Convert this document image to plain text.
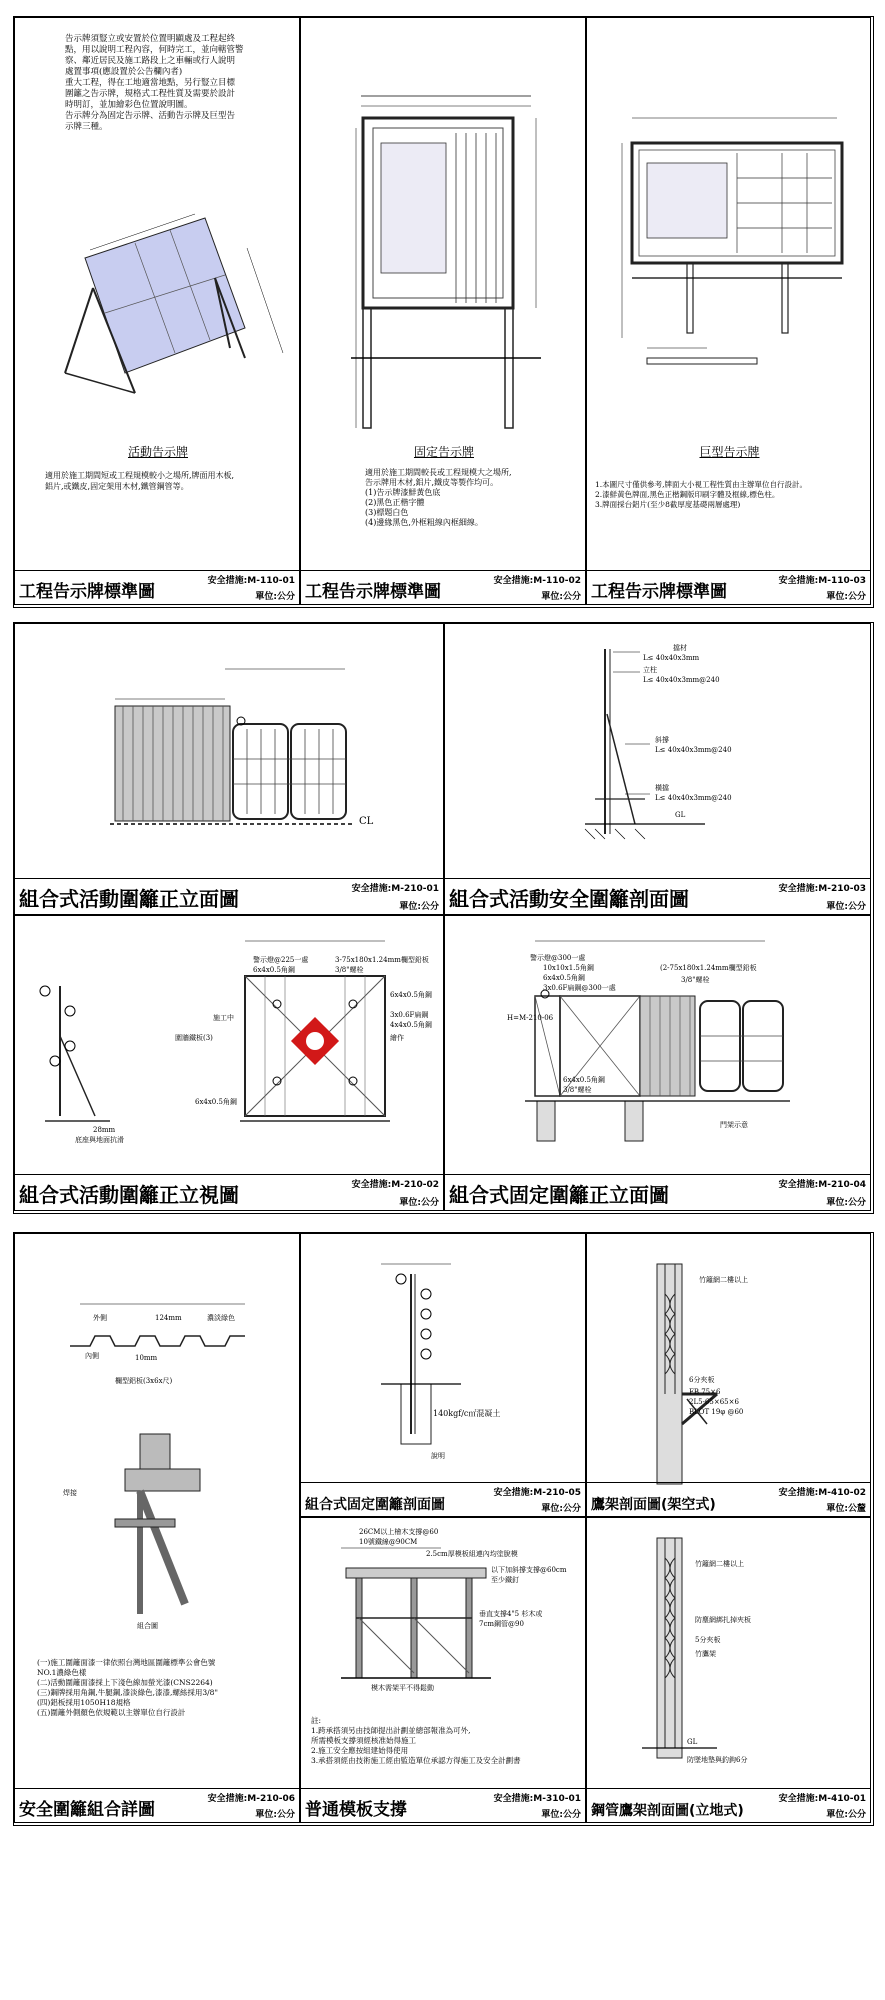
告示牌須豎立或安置於位置明顯處及工程起終
點，用以說明工程內容，何時完工，並向轄管警
察、鄰近居民及施工路段上之車輛或行人說明
處置事項(應設置於公告欄內者)
重大工程，得在工地適當地點，另行豎立目標
圍籬之告示牌，規格式工程性質及需要於設計
時明訂，並加繪彩色位置說明圖。
告示牌分為固定告示牌、活動告示牌及巨型告
示牌三種。
活動告示牌
適用於施工期間短或工程規模較小之場所,牌面用木板,
鋁片,或鐵皮,固定架用木材,鐵管鋼管等。
工程告示牌標準圖
安全措施:M-110-01
單位:公分
固定告示牌
適用於施工期間較長或工程規模大之場所,
告示牌用木材,鋁片,鐵皮等製作均可。
(1)告示牌漆鮮黃色底
(2)黑色正楷字體
(3)標題白色
(4)邊緣黑色,外框粗線內框細線。
工程告示牌標準圖
安全措施:M-110-02
單位:公分
巨型告示牌
1.本圖尺寸僅供參考,牌面大小視工程性質由主辦單位自行設計。
2.漆鮮黃色牌面,黑色正楷鋼版印刷字體及框線,標色柱。
3.牌面採台鋁片(至少8截厚度基礎兩層處理)
工程告示牌標準圖
安全措施:M-110-03
單位:公分
CL
組合式活動圍籬正立面圖	安全措施:M-210-01
單位:公分
擋材
L≤ 40x40x3mm
立柱
L≤ 40x40x3mm@240
斜撐
L≤ 40x40x3mm@240
橫擋
L≤ 40x40x3mm@240
GL
組合式活動安全圍籬剖面圖	安全措施:M-210-03
單位:公分
警示燈@225一處
6x4x0.5角鋼
3-75x180x1.24mm欄型鉛板
3/8"螺栓
圍牆鐵板(3)
6x4x0.5角鋼
3x0.6F扁鋼
4x4x0.5角鋼
施工中
繪作
6x4x0.5角鋼
28mm
底座與地面抗滑
組合式活動圍籬正立視圖	安全措施:M-210-02
單位:公分
警示燈@300一處
10x10x1.5角鋼
6x4x0.5角鋼
3x0.6F扁鋼@300一處
(2-75x180x1.24mm欄型鉛板
3/8"螺栓
H=M-210-06
6x4x0.5角鋼
3/8"螺栓
門架示意
組合式固定圍籬正立面圖	安全措施:M-210-04
單位:公分
外側	124mm	濃淡綠色
內側	10mm
欄型鋁板(3x6x尺)
焊接
組合圖
(一)施工圍籬面漆一律依照台灣地區圍籬標準公會色號
NO.1濃綠色樣
(二)活動圍籬面漆採上下淺色線加螢光漆(CNS2264)
(三)鋼牌採用角鋼,牛腿鋼,漆淡綠色,漆漆,螺絲採用3/8"
(四)鋁板採用1050H18規格
(五)圍籬外側顏色依規範以主辦單位自行設計
安全圍籬組合詳圖
安全措施:M-210-06
單位:公分
140kgf/c㎡混凝土
說明
組合式固定圍籬剖面圖
安全措施:M-210-05
單位:公分
竹籬網二樓以上
6分夾板
FB 75×6
2L5-65×65×6
BLOT 19φ @60
鷹架剖面圖(架空式)
安全措施:M-410-02
單位:公釐
26CM以上檜木支撐@60
10號鐵線@90CM
2.5cm厚模板組連內均塗脫模
以下加斜撐支撐@60cm
至少鐵釘
垂直支撐4"5 杉木或
7cm鋼管@90
模木需架平不得鬆動
註:
1.跨承搭須另由技師提出計劃並總部報准為可外,
所需模板支撐須經核准始得施工
2.施工安全應按組建始得使用
3.承搭須經由技術施工經由監造單位承認方得施工及安全計劃書
普通模板支撐
安全措施:M-310-01
單位:公分
竹籬網二樓以上
防塵網綁扎掉夾板
5分夾板
竹鷹架
GL
防墜地墊與釣鉤6分
鋼管鷹架剖面圖(立地式)
安全措施:M-410-01
單位:公分
